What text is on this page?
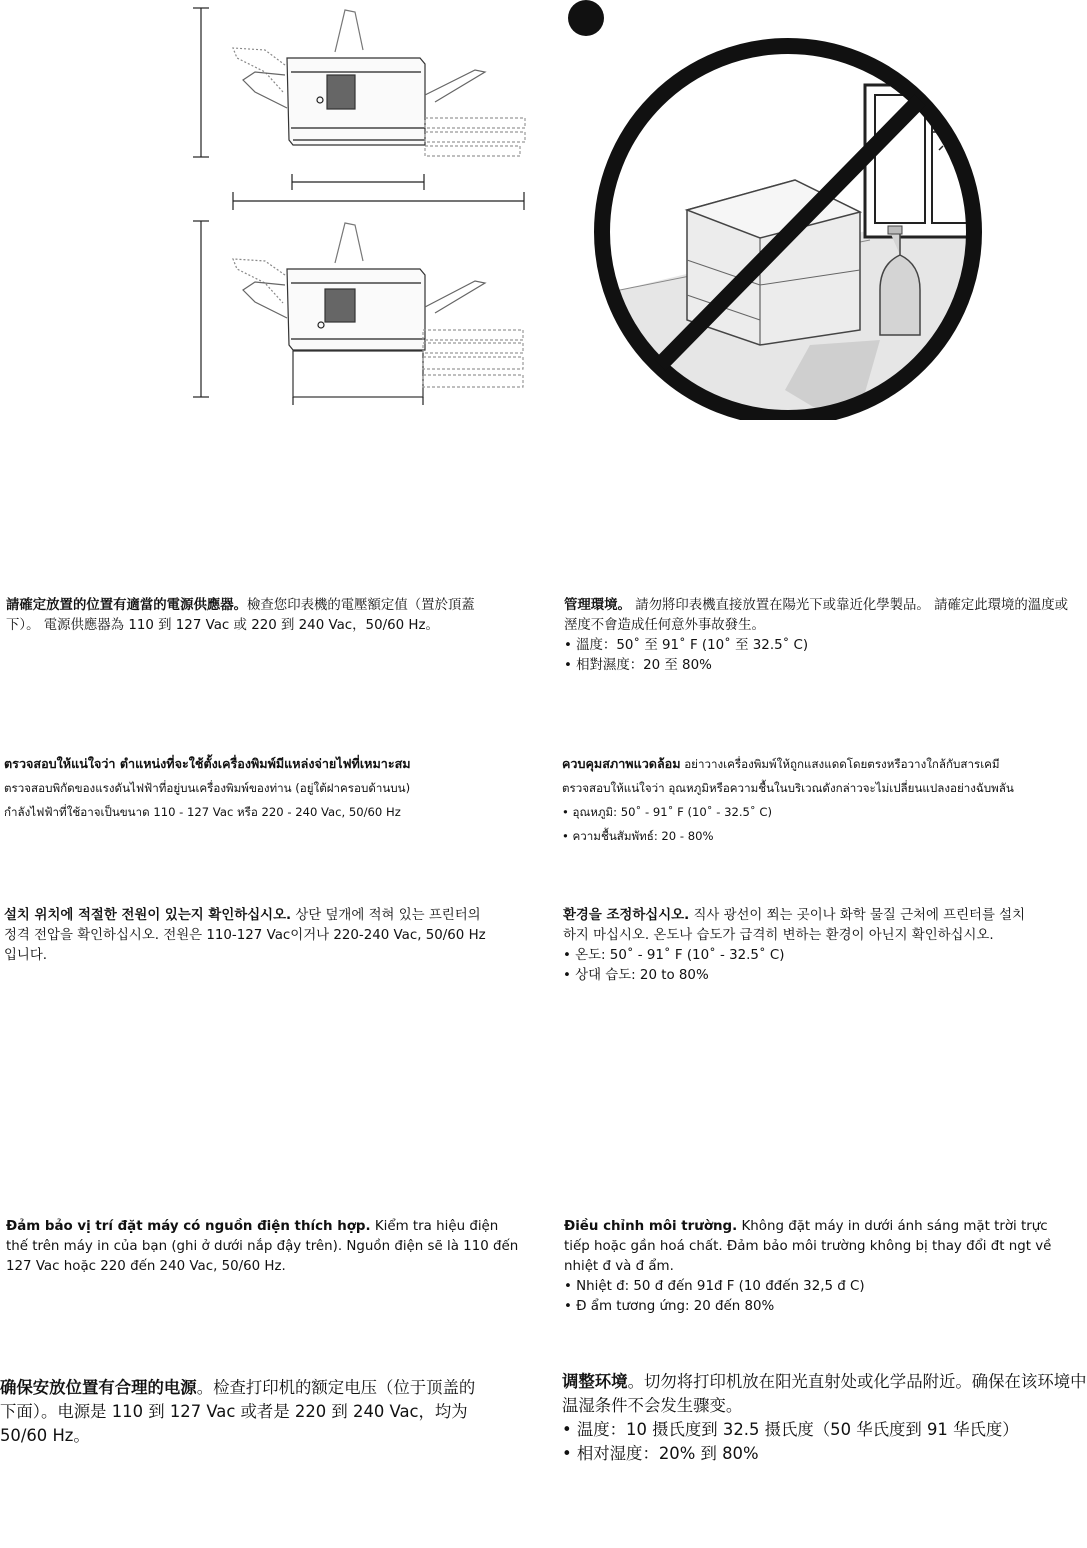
請確定放置的位置有適當的電源供應器。檢查您印表機的電壓額定值（置於頂蓋下）。 電源供應器為 110 到 127 Vac 或 220 到 240 Vac，50/60 Hz。

管理環境。 請勿將印表機直接放置在陽光下或靠近化學製品。 請確定此環境的溫度或溼度不會造成任何意外事故發生。

• 溫度：50˚ 至 91˚ F (10˚ 至 32.5˚ C)
• 相對濕度：20 至 80%

ตรวจสอบให้แน่ใจว่า ตำแหน่งที่จะใช้ตั้งเครื่องพิมพ์มีแหล่งจ่ายไฟที่เหมาะสม

ตรวจสอบพิกัดของแรงดันไฟฟ้าที่อยู่บนเครื่องพิมพ์ของท่าน (อยู่ใต้ฝาครอบด้านบน)

กำลังไฟฟ้าที่ใช้อาจเป็นขนาด 110 - 127 Vac หรือ 220 - 240 Vac, 50/60 Hz

ควบคุมสภาพแวดล้อม อย่าวางเครื่องพิมพ์ให้ถูกแสงแดดโดยตรงหรือวางใกล้กับสารเคมี

ตรวจสอบให้แน่ใจว่า อุณหภูมิหรือความชื้นในบริเวณดังกล่าวจะไม่เปลี่ยนแปลงอย่างฉับพลัน

• อุณหภูมิ: 50˚ - 91˚ F (10˚ - 32.5˚ C)
• ความชื้นสัมพัทธ์: 20 - 80%

설치 위치에 적절한 전원이 있는지 확인하십시오. 상단 덮개에 적혀 있는 프린터의 정격 전압을 확인하십시오. 전원은 110-127 Vac이거나 220-240 Vac, 50/60 Hz입니다.

환경을 조정하십시오. 직사 광선이 쬐는 곳이나 화학 물질 근처에 프린터를 설치하지 마십시오. 온도나 습도가 급격히 변하는 환경이 아닌지 확인하십시오.

• 온도: 50˚ - 91˚ F (10˚ - 32.5˚ C)
• 상대 습도: 20 to 80%

Đảm bảo vị trí đặt máy có nguồn điện thích hợp. Kiểm tra hiệu điện thế trên máy in của bạn (ghi ở dưới nắp đậy trên). Nguồn điện sẽ là 110 đến 127 Vac hoặc 220 đến 240 Vac, 50/60 Hz.

Điều chỉnh môi trường. Không đặt máy in dưới ánh sáng mặt trời trực tiếp hoặc gần hoá chất. Đảm bảo môi trường không bị thay đổi đt ngt về nhiệt đ và đ ẩm.

• Nhiệt đ: 50 đ đến 91đ F (10 đđến 32,5 đ C)
• Đ ẩm tương ứng: 20 đến 80%

确保安放位置有合理的电源。检查打印机的额定电压（位于顶盖的下面）。电源是 110 到 127 Vac 或者是 220 到 240 Vac，均为 50/60 Hz。

调整环境。切勿将打印机放在阳光直射处或化学品附近。确保在该环境中温湿条件不会发生骤变。

• 温度：10 摄氏度到 32.5 摄氏度（50 华氏度到 91 华氏度）
• 相对湿度：20% 到 80%
